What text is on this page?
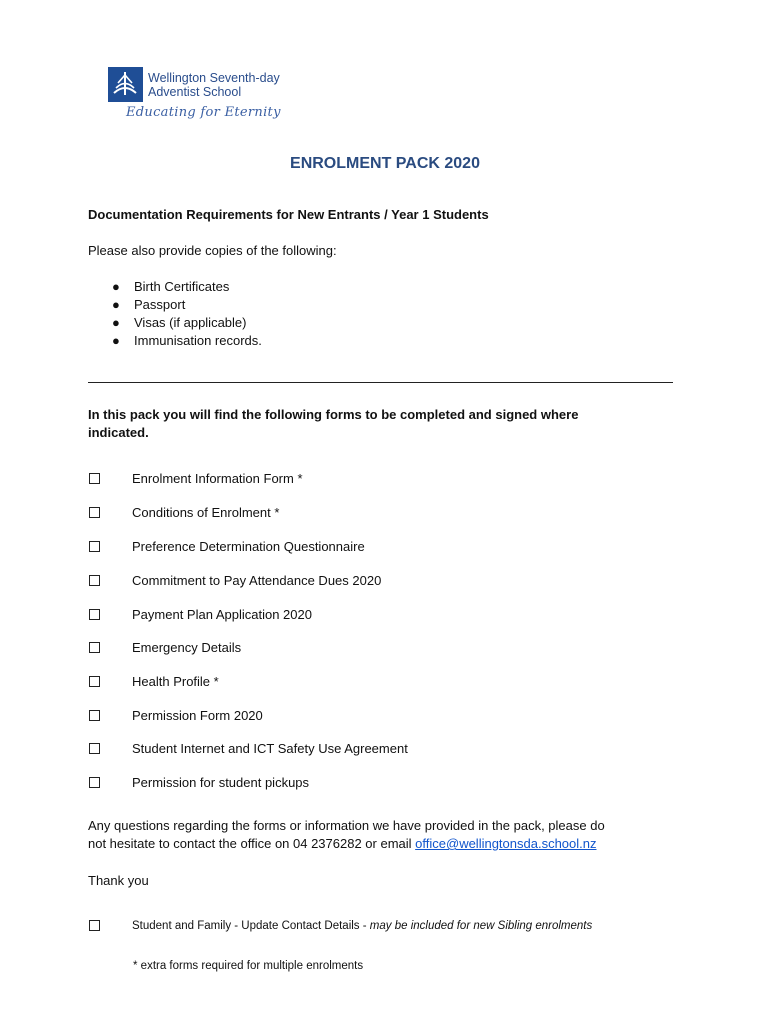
Wellington Seventh-day
Adventist School
Educating for Eternity
ENROLMENT PACK 2020
Documentation Requirements for New Entrants / Year 1 Students
Please also provide copies of the following:
● Birth Certificates
● Passport
● Visas (if applicable)
● Immunisation records.
In this pack you will find the following forms to be completed and signed where
indicated.
Enrolment Information Form *
Conditions of Enrolment *
Preference Determination Questionnaire
Commitment to Pay Attendance Dues 2020
Payment Plan Application 2020
Emergency Details
Health Profile *
Permission Form 2020
Student Internet and ICT Safety Use Agreement
Permission for student pickups
Any questions regarding the forms or information we have provided in the pack, please do
not hesitate to contact the office on 04 2376282 or email office@wellingtonsda.school.nz
Thank you
Student and Family - Update Contact Details - may be included for new Sibling enrolments
* extra forms required for multiple enrolments
